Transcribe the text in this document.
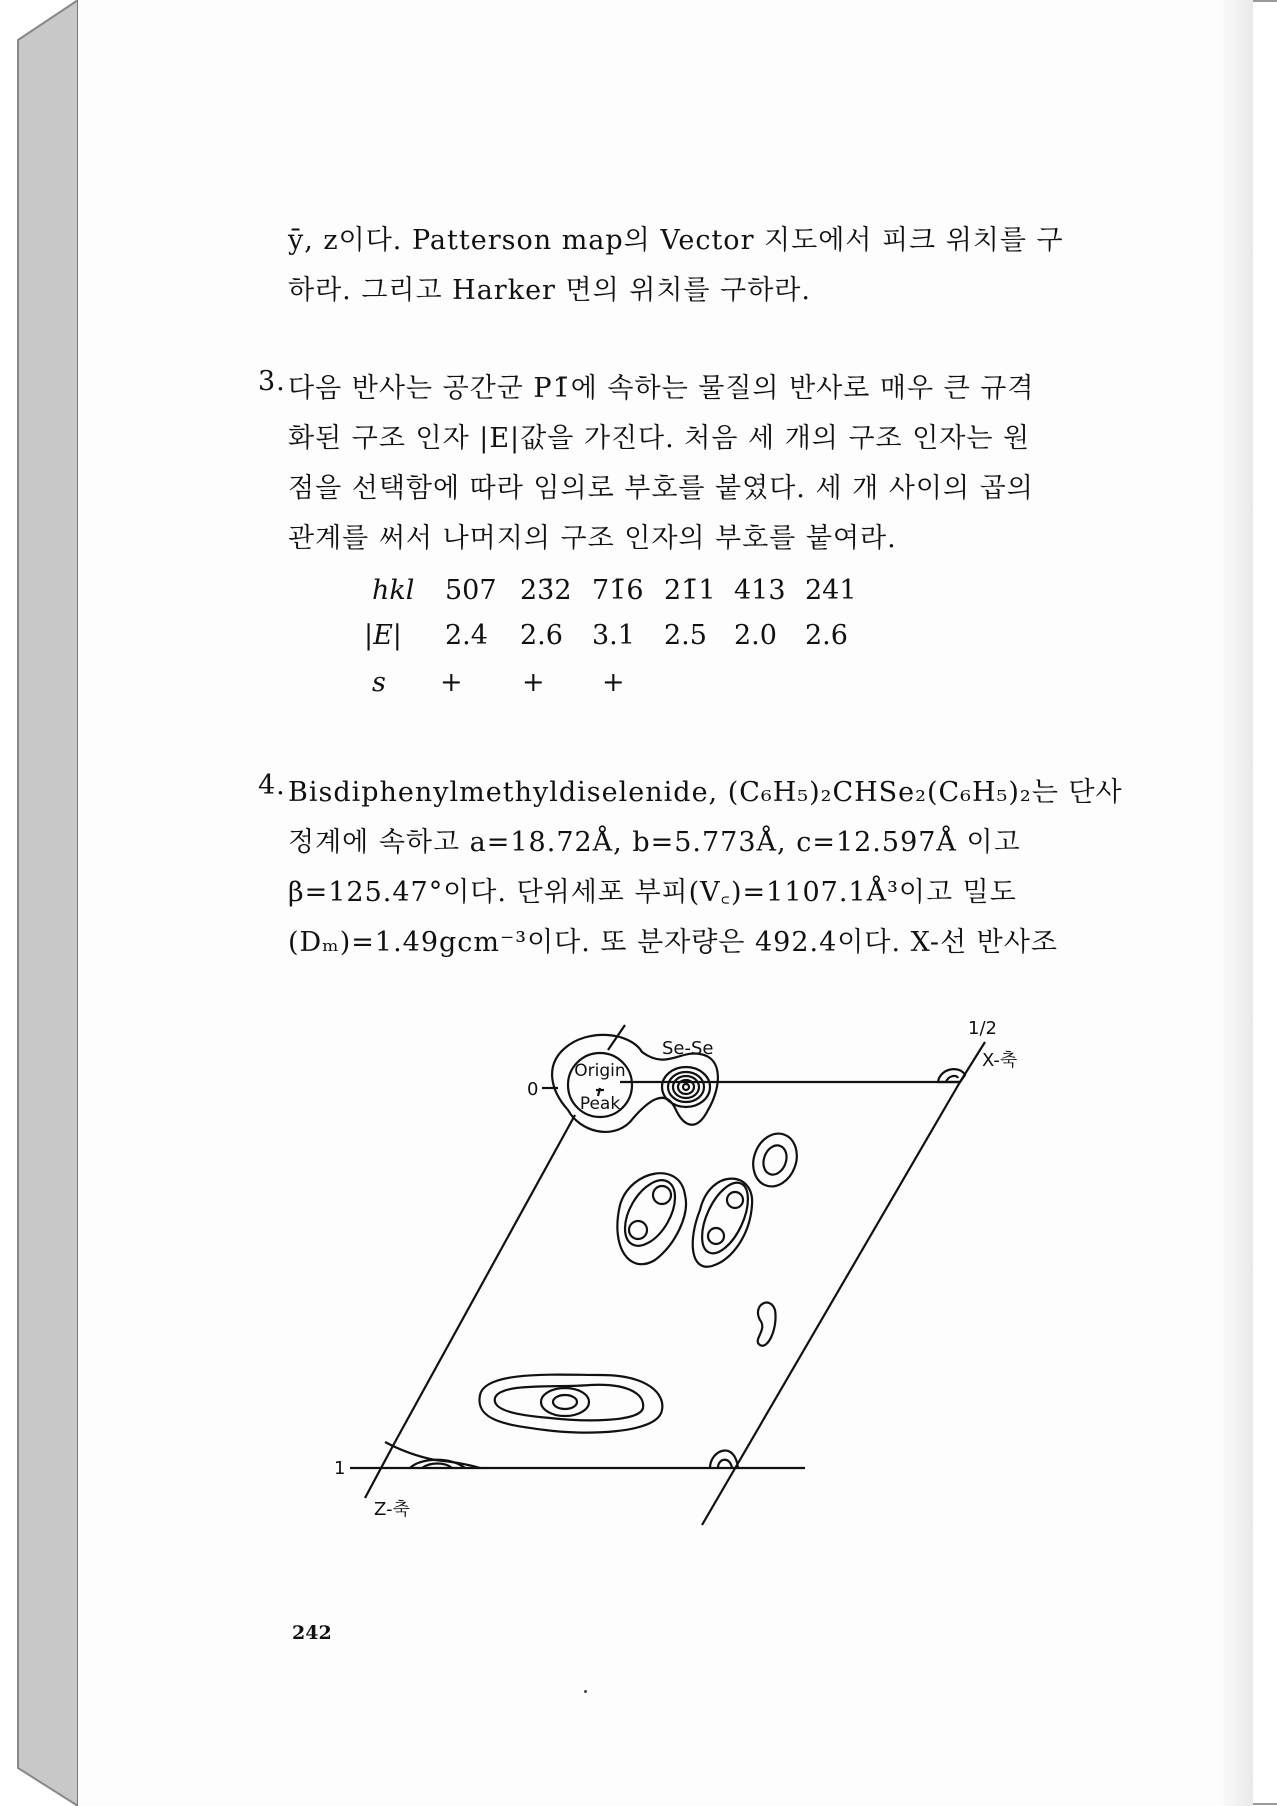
ȳ, z이다. Patterson map의 Vector 지도에서 피크 위치를 구
하라. 그리고 Harker 면의 위치를 구하라.
3. 다음 반사는 공간군 P1̄에 속하는 물질의 반사로 매우 큰 규격
화된 구조 인자 |E|값을 가진다. 처음 세 개의 구조 인자는 원
점을 선택함에 따라 임의로 부호를 붙였다. 세 개 사이의 곱의
관계를 써서 나머지의 구조 인자의 부호를 붙여라.
hkl 507 23̄2 71̄6 21̄1 413 241
|E| 2.4 2.6 3.1 2.5 2.0 2.6
s + + +
4. Bisdiphenylmethyldiselenide, (C₆H₅)₂CHSe₂(C₆H₅)₂는 단사
정계에 속하고 a=18.72Å, b=5.773Å, c=12.597Å 이고
β=125.47°이다. 단위세포 부피(V꜀)=1107.1Å³이고 밀도
(Dₘ)=1.49gcm⁻³이다. 또 분자량은 492.4이다. X-선 반사조
Origin
Peak
Se-Se
0
1/2
X-축
1
Z-축
242
